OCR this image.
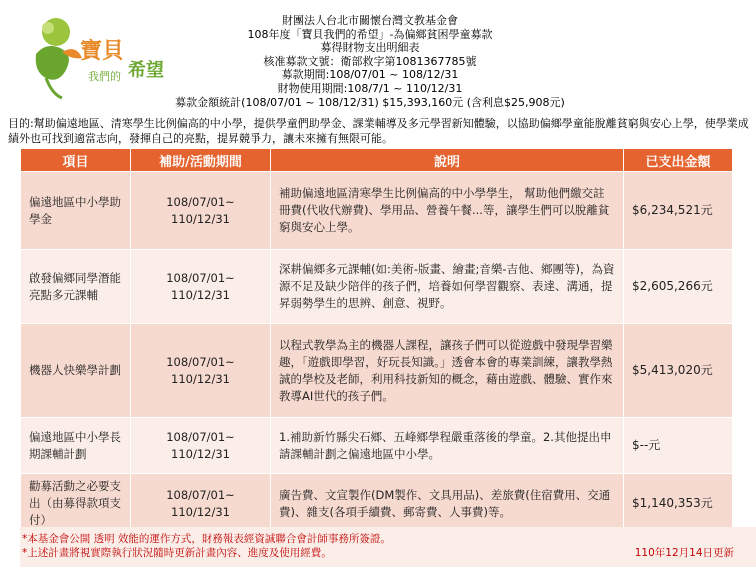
寶貝
我們的 希望
財團法人台北市關懷台灣文教基金會
108年度「寶貝我們的希望」-為偏鄉貧困學童募款
募得財物支出明細表
核准募款文號：衛部救字第1081367785號
募款期間:108/07/01 ~ 108/12/31
財物使用期間:108/7/1 ~ 110/12/31
募款金額統計(108/07/01 ~ 108/12/31) $15,393,160元 (含利息$25,908元)
目的:幫助偏遠地區、清寒學生比例偏高的中小學，提供學童們助學金、課業輔導及多元學習新知體驗，以協助偏鄉學童能脫離貧窮與安心上學，使學業成績外也可找到適當志向，發揮自己的亮點，提昇競爭力，讓未來擁有無限可能。
項目	補助/活動期間	說明	已支出金額
偏遠地區中小學助學金	108/07/01~ 110/12/31	補助偏遠地區清寒學生比例偏高的中小學學生， 幫助他們繳交註冊費(代收代辦費)、學用品、營養午餐...等，讓學生們可以脫離貧窮與安心上學。	$6,234,521元
啟發偏鄉同學潛能亮點多元課輔	108/07/01~ 110/12/31	深耕偏鄉多元課輔(如:美術-版畫、繪畫;音樂-吉他、鄉團等)，為資源不足及缺少陪伴的孩子們，培養如何學習觀察、表達、溝通，提昇弱勢學生的思辨、創意、視野。	$2,605,266元
機器人快樂學計劃	108/07/01~ 110/12/31	以程式教學為主的機器人課程，讓孩子們可以從遊戲中發現學習樂趣，「遊戲即學習，好玩長知識。」透會本會的專業訓練，讓教學熱誠的學校及老師，利用科技新知的概念，藉由遊戲、體驗、實作來教導AI世代的孩子們。	$5,413,020元
偏遠地區中小學長期課輔計劃	108/07/01~ 110/12/31	1.補助新竹縣尖石鄉、五峰鄉學程嚴重落後的學童。2.其他提出申請課輔計劃之偏遠地區中小學。	$--元
勸募活動之必要支出（由募得款項支付）	108/07/01~ 110/12/31	廣告費、文宣製作(DM製作、文具用品)、差旅費(住宿費用、交通費)、雜支(各項手續費、郵寄費、人事費)等。	$1,140,353元
*本基金會公開 透明 效能的運作方式，財務報表經資誠聯合會計師事務所簽證。
*上述計畫將視實際執行狀況隨時更新計畫內容、進度及使用經費。	110年12月14日更新
